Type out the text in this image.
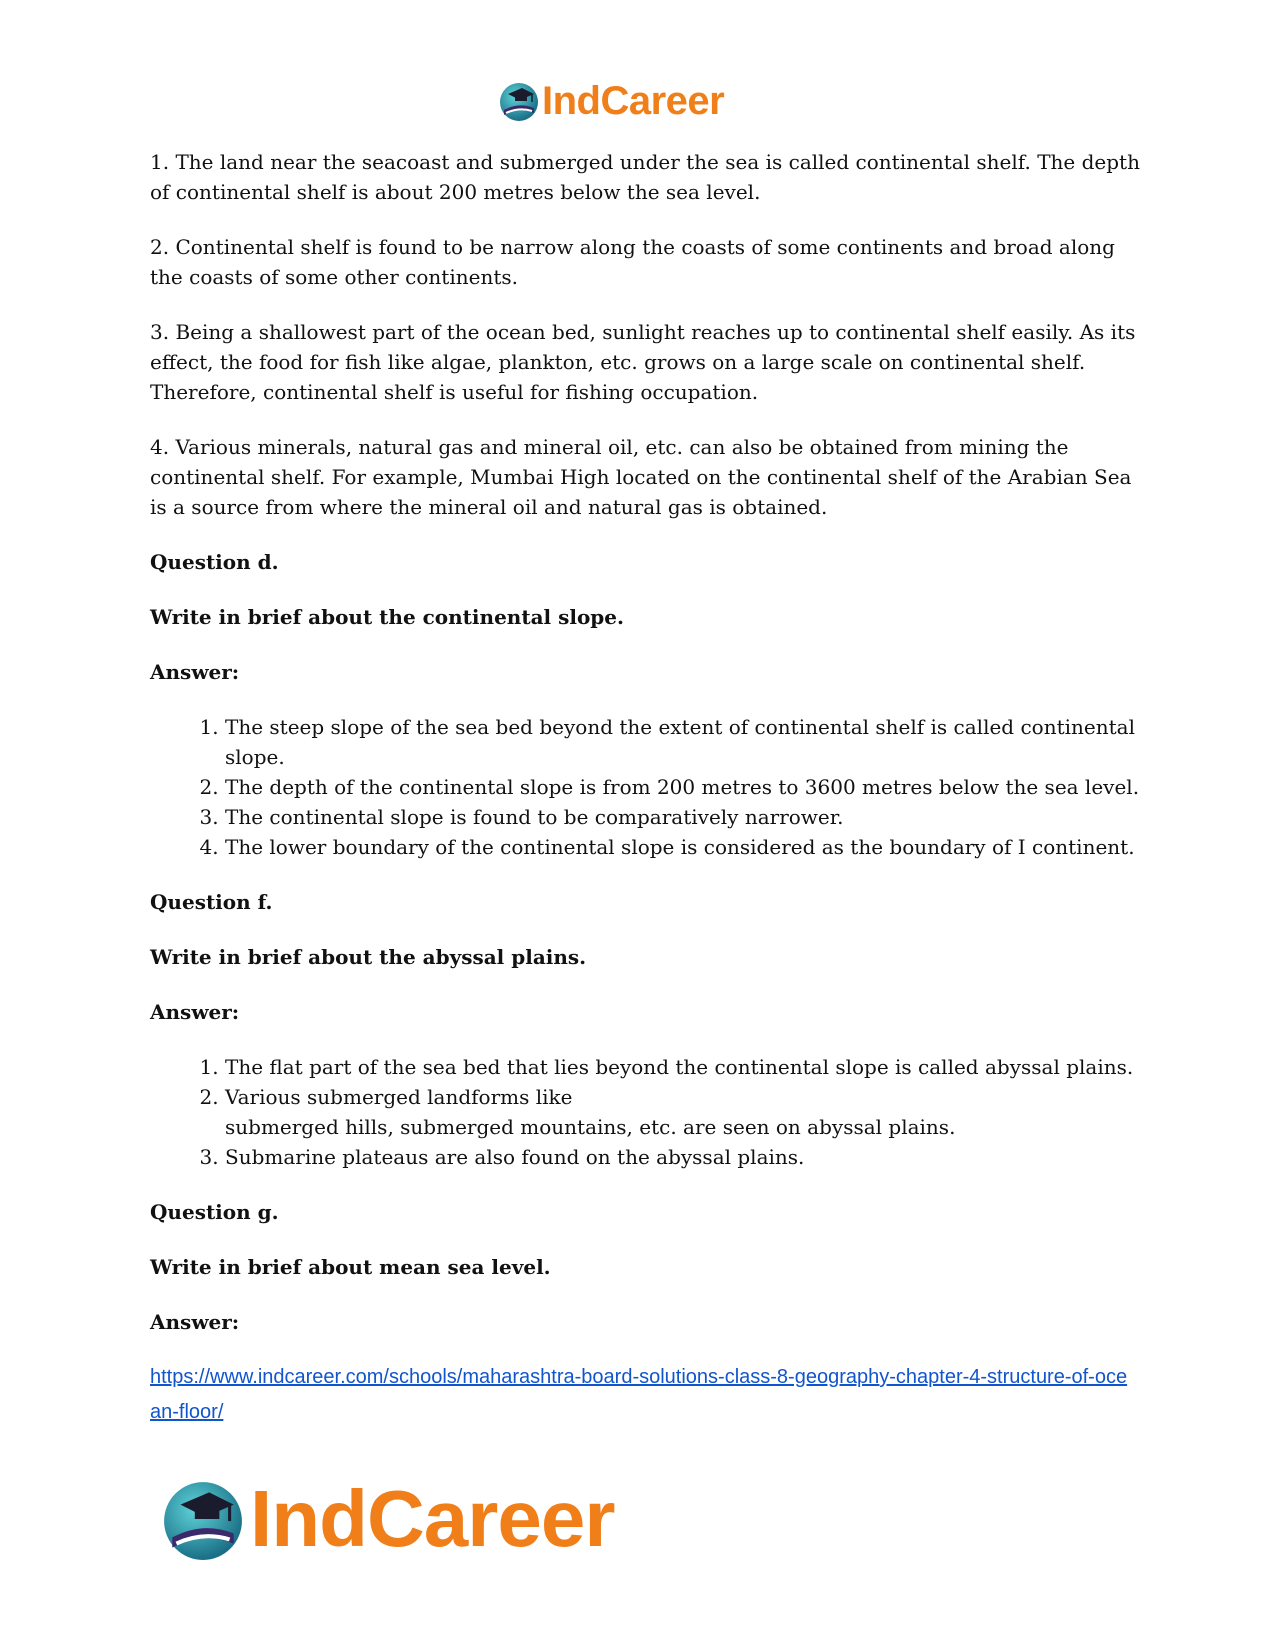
IndCareer

1. The land near the seacoast and submerged under the sea is called continental shelf. The depth of continental shelf is about 200 metres below the sea level.

2. Continental shelf is found to be narrow along the coasts of some continents and broad along the coasts of some other continents.

3. Being a shallowest part of the ocean bed, sunlight reaches up to continental shelf easily. As its effect, the food for fish like algae, plankton, etc. grows on a large scale on continental shelf. Therefore, continental shelf is useful for fishing occupation.

4. Various minerals, natural gas and mineral oil, etc. can also be obtained from mining the continental shelf. For example, Mumbai High located on the continental shelf of the Arabian Sea is a source from where the mineral oil and natural gas is obtained.

Question d.

Write in brief about the continental slope.

Answer:

1. The steep slope of the sea bed beyond the extent of continental shelf is called continental slope.
2. The depth of the continental slope is from 200 metres to 3600 metres below the sea level.
3. The continental slope is found to be comparatively narrower.
4. The lower boundary of the continental slope is considered as the boundary of I continent.

Question f.

Write in brief about the abyssal plains.

Answer:

1. The flat part of the sea bed that lies beyond the continental slope is called abyssal plains.
2. Various submerged landforms like
submerged hills, submerged mountains, etc. are seen on abyssal plains.
3. Submarine plateaus are also found on the abyssal plains.

Question g.

Write in brief about mean sea level.

Answer:

https://www.indcareer.com/schools/maharashtra-board-solutions-class-8-geography-chapter-4-structure-of-ocean-floor/
IndCareer
